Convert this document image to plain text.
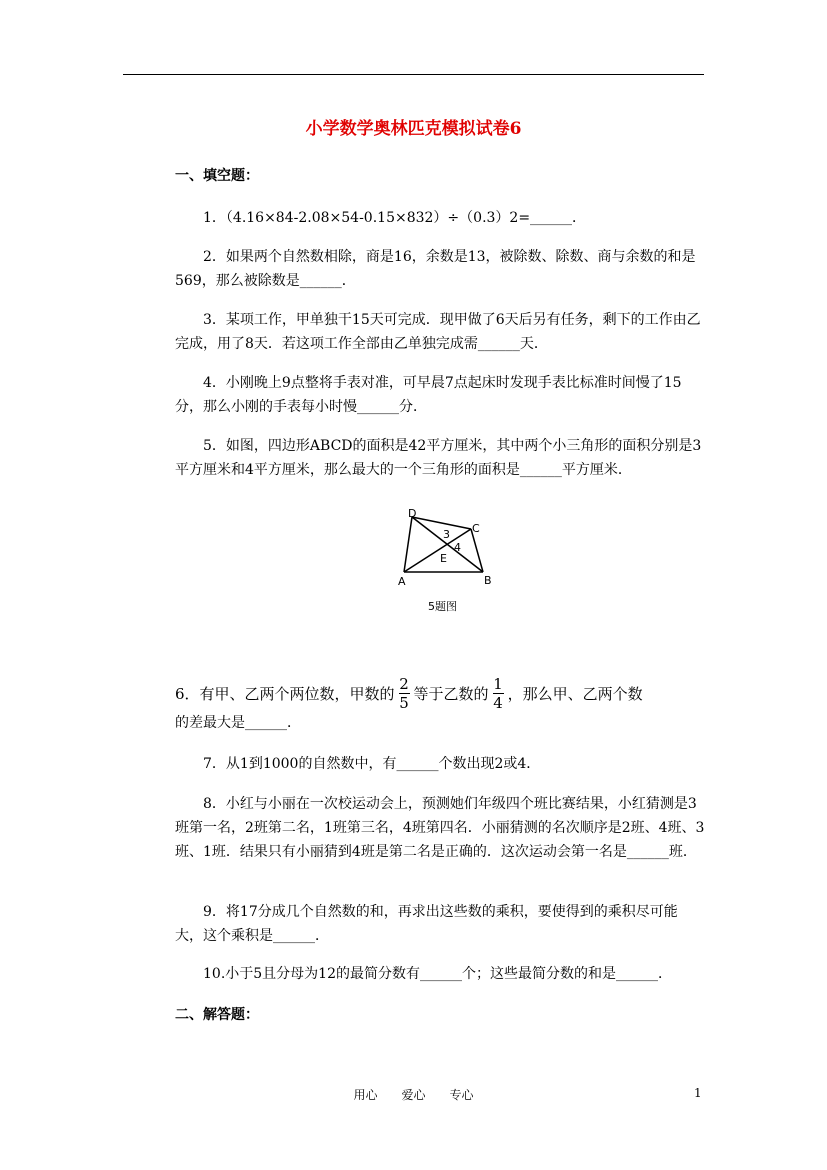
小学数学奥林匹克模拟试卷6
一、填空题：

1．（4.16×84-2.08×54-0.15×832）÷（0.3）2=______．

2．如果两个自然数相除，商是16，余数是13，被除数、除数、商与余数的和是569，那么被除数是______．

3．某项工作，甲单独干15天可完成．现甲做了6天后另有任务，剩下的工作由乙完成，用了8天．若这项工作全部由乙单独完成需______天．

4．小刚晚上9点整将手表对准，可早晨7点起床时发现手表比标准时间慢了15分，那么小刚的手表每小时慢______分．

5．如图，四边形ABCD的面积是42平方厘米，其中两个小三角形的面积分别是3平方厘米和4平方厘米，那么最大的一个三角形的面积是______平方厘米．

D
C
3
4
E
A	B
5题图
6．有甲、乙两个两位数，甲数的 $\frac{2}{5}$ 等于乙数的 $\frac{1}{4}$ ，那么甲、乙两个数
的差最大是______．

7．从1到1000的自然数中，有______个数出现2或4．

8．小红与小丽在一次校运动会上，预测她们年级四个班比赛结果，小红猜测是3班第一名，2班第二名，1班第三名，4班第四名．小丽猜测的名次顺序是2班、4班、3班、1班．结果只有小丽猜到4班是第二名是正确的．这次运动会第一名是______班．

9．将17分成几个自然数的和，再求出这些数的乘积，要使得到的乘积尽可能大，这个乘积是______．

10.小于5且分母为12的最简分数有______个；这些最简分数的和是______．

二、解答题：
用心　　爱心　　专心	1
